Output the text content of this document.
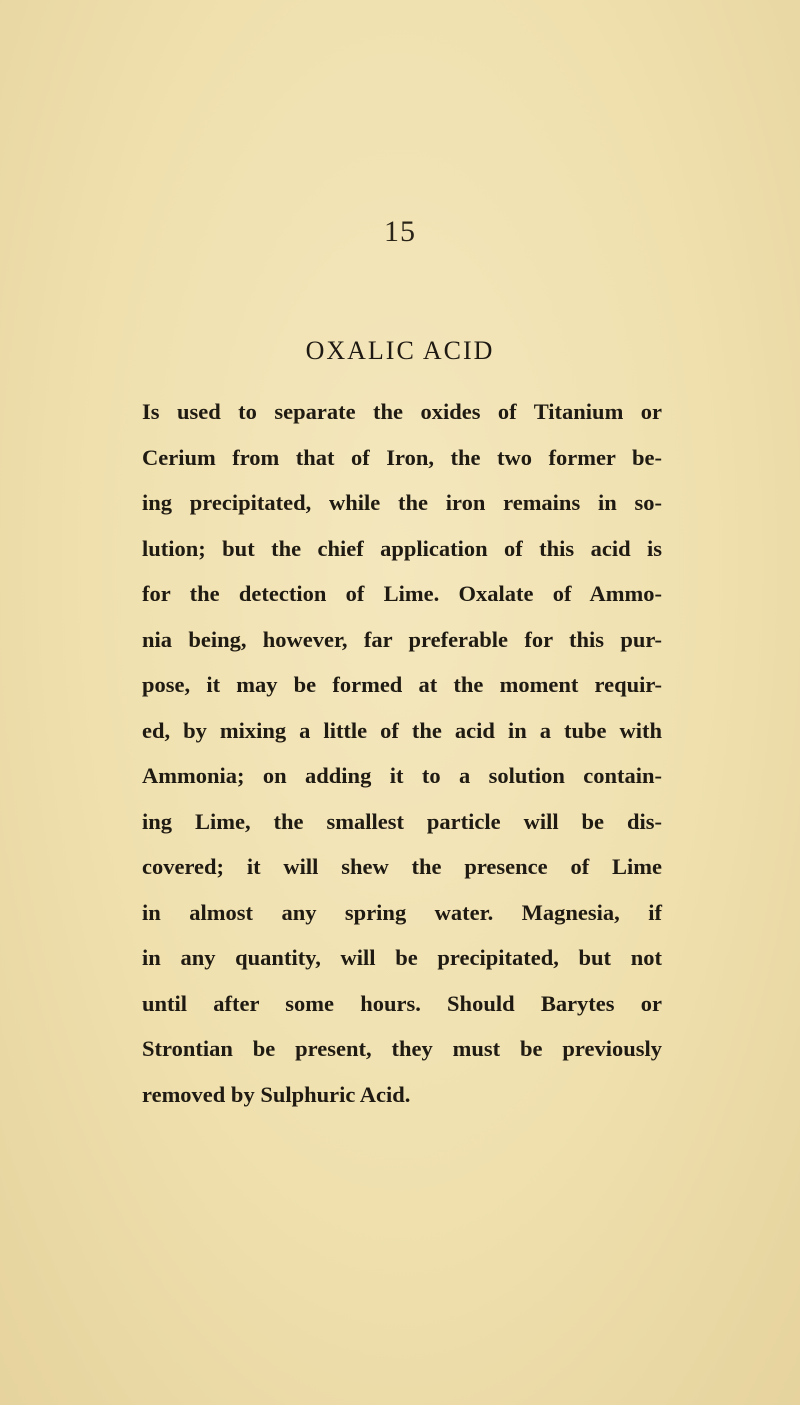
15
OXALIC ACID
Is used to separate the oxides of Titanium or
Cerium from that of Iron, the two former be-
ing precipitated, while the iron remains in so-
lution; but the chief application of this acid is
for the detection of Lime. Oxalate of Ammo-
nia being, however, far preferable for this pur-
pose, it may be formed at the moment requir-
ed, by mixing a little of the acid in a tube with
Ammonia; on adding it to a solution contain-
ing Lime, the smallest particle will be dis-
covered; it will shew the presence of Lime
in almost any spring water. Magnesia, if
in any quantity, will be precipitated, but not
until after some hours. Should Barytes or
Strontian be present, they must be previously
removed by Sulphuric Acid.
